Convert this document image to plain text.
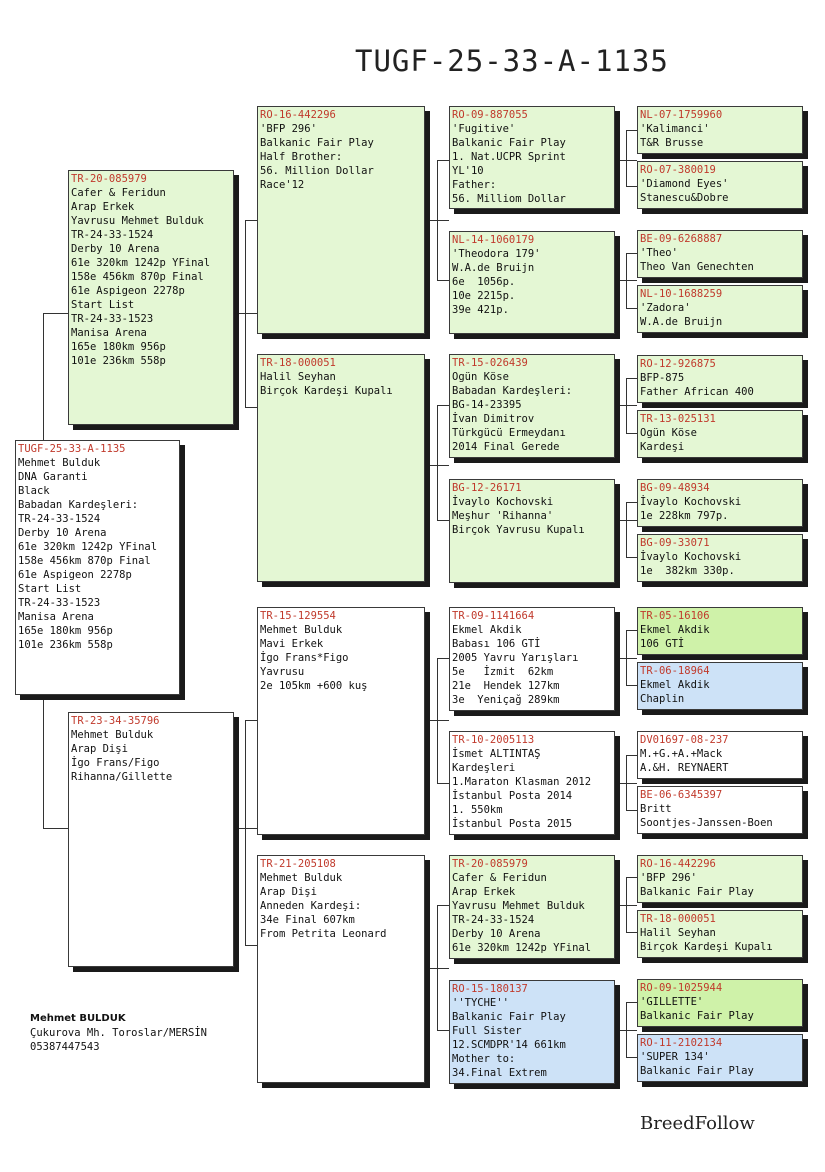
TUGF-25-33-A-1135
TUGF-25-33-A-1135
Mehmet Bulduk
DNA Garanti
Black
Babadan Kardeşleri:
TR-24-33-1524
Derby 10 Arena
61e 320km 1242p YFinal
158e 456km 870p Final
61e Aspigeon 2278p
Start List
TR-24-33-1523
Manisa Arena
165e 180km 956p
101e 236km 558p
TR-20-085979
Cafer & Feridun
Arap Erkek
Yavrusu Mehmet Bulduk
TR-24-33-1524
Derby 10 Arena
61e 320km 1242p YFinal
158e 456km 870p Final
61e Aspigeon 2278p
Start List
TR-24-33-1523
Manisa Arena
165e 180km 956p
101e 236km 558p
TR-23-34-35796
Mehmet Bulduk
Arap Dişi
İgo Frans/Figo
Rihanna/Gillette
RO-16-442296
'BFP 296'
Balkanic Fair Play
Half Brother:
56. Million Dollar
Race'12
TR-18-000051
Halil Seyhan
Birçok Kardeşi Kupalı
TR-15-129554
Mehmet Bulduk
Mavi Erkek
İgo Frans*Figo
Yavrusu
2e 105km +600 kuş
TR-21-205108
Mehmet Bulduk
Arap Dişi
Anneden Kardeşi:
34e Final 607km
From Petrita Leonard
RO-09-887055
'Fugitive'
Balkanic Fair Play
1. Nat.UCPR Sprint
YL'10
Father:
56. Milliom Dollar
NL-14-1060179
'Theodora 179'
W.A.de Bruijn
6e  1056p.
10e 2215p.
39e 421p.
TR-15-026439
Ogün Köse
Babadan Kardeşleri:
BG-14-23395
İvan Dimitrov
Türkgücü Ermeydanı
2014 Final Gerede
BG-12-26171
İvaylo Kochovski
Meşhur 'Rihanna'
Birçok Yavrusu Kupalı
TR-09-1141664
Ekmel Akdik
Babası 106 GTİ
2005 Yavru Yarışları
5e   İzmit  62km
21e  Hendek 127km
3e  Yeniçağ 289km
TR-10-2005113
İsmet ALTINTAŞ
Kardeşleri
1.Maraton Klasman 2012
İstanbul Posta 2014
1. 550km
İstanbul Posta 2015
TR-20-085979
Cafer & Feridun
Arap Erkek
Yavrusu Mehmet Bulduk
TR-24-33-1524
Derby 10 Arena
61e 320km 1242p YFinal
RO-15-180137
''TYCHE''
Balkanic Fair Play
Full Sister
12.SCMDPR'14 661km
Mother to:
34.Final Extrem
NL-07-1759960
'Kalimanci'
T&R Brusse
RO-07-380019
'Diamond Eyes'
Stanescu&Dobre
BE-09-6268887
'Theo'
Theo Van Genechten
NL-10-1688259
'Zadora'
W.A.de Bruijn
RO-12-926875
BFP-875
Father African 400
TR-13-025131
Ogün Köse
Kardeşi
BG-09-48934
İvaylo Kochovski
1e 228km 797p.
BG-09-33071
İvaylo Kochovski
1e  382km 330p.
TR-05-16106
Ekmel Akdik
106 GTİ
TR-06-18964
Ekmel Akdik
Chaplin
DV01697-08-237
M.+G.+A.+Mack
A.&H. REYNAERT
BE-06-6345397
Britt
Soontjes-Janssen-Boen
RO-16-442296
'BFP 296'
Balkanic Fair Play
TR-18-000051
Halil Seyhan
Birçok Kardeşi Kupalı
RO-09-1025944
'GILLETTE'
Balkanic Fair Play
RO-11-2102134
'SUPER 134'
Balkanic Fair Play
Mehmet BULDUK
Çukurova Mh. Toroslar/MERSİN
05387447543
BreedFollow
